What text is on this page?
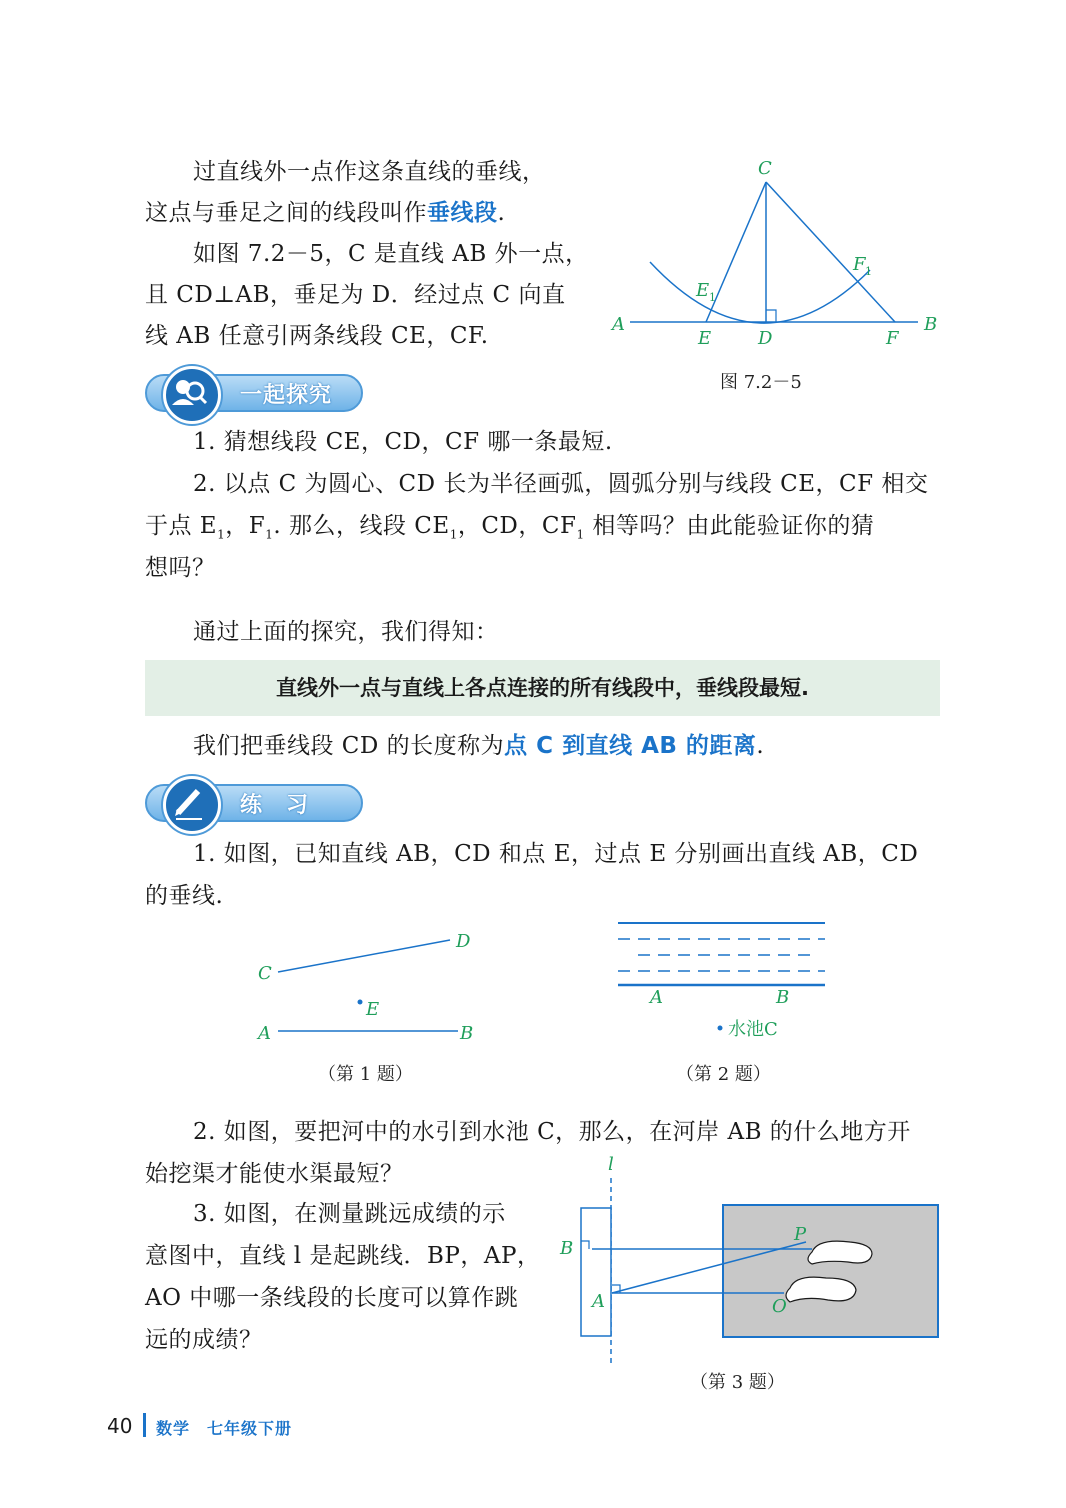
过直线外一点作这条直线的垂线，

这点与垂足之间的线段叫作垂线段.

如图 7.2－5，C 是直线 AB 外一点，

且 CD⊥AB，垂足为 D．经过点 C 向直

线 AB 任意引两条线段 CE，CF.

C
A	B
E	D	F
E 1
F 1
图 7.2－5
一起探究

1. 猜想线段 CE，CD，CF 哪一条最短.

2. 以点 C 为圆心、CD 长为半径画弧，圆弧分别与线段 CE，CF 相交

于点 $E_1$，$F_1$. 那么，线段 $CE_1$，CD，$CF_1$ 相等吗？由此能验证你的猜

想吗？

通过上面的探究，我们得知：

直线外一点与直线上各点连接的所有线段中，垂线段最短.

我们把垂线段 CD 的长度称为点 C 到直线 AB 的距离.

练　习

1. 如图，已知直线 AB，CD 和点 E，过点 E 分别画出直线 AB，CD

的垂线.

C
D
E
A	B
（第 1 题）
A	B
水池C
（第 2 题）

2. 如图，要把河中的水引到水池 C，那么，在河岸 AB 的什么地方开

始挖渠才能使水渠最短？

3. 如图，在测量跳远成绩的示

意图中，直线 l 是起跳线．BP，AP，

AO 中哪一条线段的长度可以算作跳

远的成绩？

l
B
A
P
O
（第 3 题）
40 数学　七年级下册
